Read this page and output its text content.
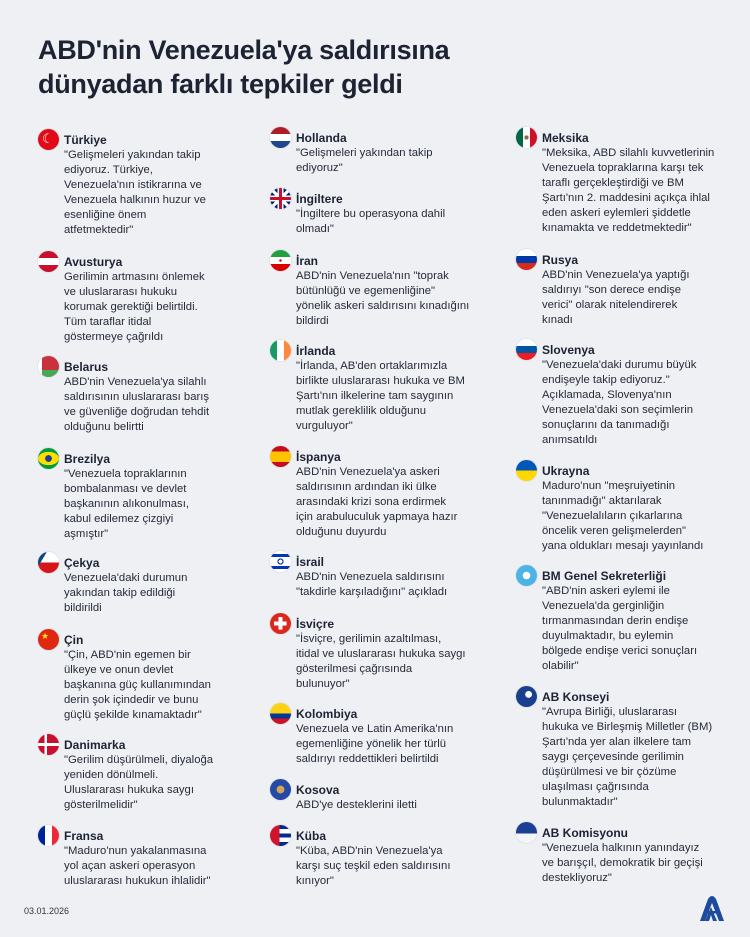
ABD'nin Venezuela'ya saldırısına
dünyadan farklı tepkiler geldi
☾ Türkiye
"Gelişmeleri yakından takip
ediyoruz. Türkiye,
Venezuela'nın istikrarına ve
Venezuela halkının huzur ve
esenliğine önem
atfetmektedir"
Avusturya
Gerilimin artmasını önlemek
ve uluslararası hukuku
korumak gerektiği belirtildi.
Tüm taraflar itidal
göstermeye çağrıldı
Belarus
ABD'nin Venezuela'ya silahlı
saldırısının uluslararası barış
ve güvenliğe doğrudan tehdit
olduğunu belirtti
Brezilya
"Venezuela topraklarının
bombalanması ve devlet
başkanının alıkonulması,
kabul edilemez çizgiyi
aşmıştır"
Çekya
Venezuela'daki durumun
yakından takip edildiği
bildirildi
★ Çin
"Çin, ABD'nin egemen bir
ülkeye ve onun devlet
başkanına güç kullanımından
derin şok içindedir ve bunu
güçlü şekilde kınamaktadır"
Danimarka
"Gerilim düşürülmeli, diyaloğa
yeniden dönülmeli.
Uluslararası hukuka saygı
gösterilmelidir"
Fransa
"Maduro'nun yakalanmasına
yol açan askeri operasyon
uluslararası hukukun ihlalidir"
Hollanda
"Gelişmeleri yakından takip
ediyoruz"
İngiltere
"İngiltere bu operasyona dahil
olmadı"
İran
ABD'nin Venezuela'nın "toprak
bütünlüğü ve egemenliğine"
yönelik askeri saldırısını kınadığını
bildirdi
İrlanda
"İrlanda, AB'den ortaklarımızla
birlikte uluslararası hukuka ve BM
Şartı'nın ilkelerine tam saygının
mutlak gereklilik olduğunu
vurguluyor"
İspanya
ABD'nin Venezuela'ya askeri
saldırısının ardından iki ülke
arasındaki krizi sona erdirmek
için arabuluculuk yapmaya hazır
olduğunu duyurdu
İsrail
ABD'nin Venezuela saldırısını
"takdirle karşıladığını" açıkladı
İsviçre
"İsviçre, gerilimin azaltılması,
itidal ve uluslararası hukuka saygı
gösterilmesi çağrısında
bulunuyor"
Kolombiya
Venezuela ve Latin Amerika'nın
egemenliğine yönelik her türlü
saldırıyı reddettikleri belirtildi
Kosova
ABD'ye desteklerini iletti
Küba
"Küba, ABD'nin Venezuela'ya
karşı suç teşkil eden saldırısını
kınıyor"
Meksika
"Meksika, ABD silahlı kuvvetlerinin
Venezuela topraklarına karşı tek
taraflı gerçekleştirdiği ve BM
Şartı'nın 2. maddesini açıkça ihlal
eden askeri eylemleri şiddetle
kınamakta ve reddetmektedir"
Rusya
ABD'nin Venezuela'ya yaptığı
saldırıyı "son derece endişe
verici" olarak nitelendirerek
kınadı
Slovenya
"Venezuela'daki durumu büyük
endişeyle takip ediyoruz."
Açıklamada, Slovenya'nın
Venezuela'daki son seçimlerin
sonuçlarını da tanımadığı
anımsatıldı
Ukrayna
Maduro'nun "meşruiyetinin
tanınmadığı" aktarılarak
"Venezuelalıların çıkarlarına
öncelik veren gelişmelerden"
yana oldukları mesajı yayınlandı
BM Genel Sekreterliği
"ABD'nin askeri eylemi ile
Venezuela'da gerginliğin
tırmanmasından derin endişe
duyulmaktadır, bu eylemin
bölgede endişe verici sonuçları
olabilir"
AB Konseyi
"Avrupa Birliği, uluslararası
hukuka ve Birleşmiş Milletler (BM)
Şartı'nda yer alan ilkelere tam
saygı çerçevesinde gerilimin
düşürülmesi ve bir çözüme
ulaşılması çağrısında
bulunmaktadır"
AB Komisyonu
"Venezuela halkının yanındayız
ve barışçıl, demokratik bir geçişi
destekliyoruz"
03.01.2026
